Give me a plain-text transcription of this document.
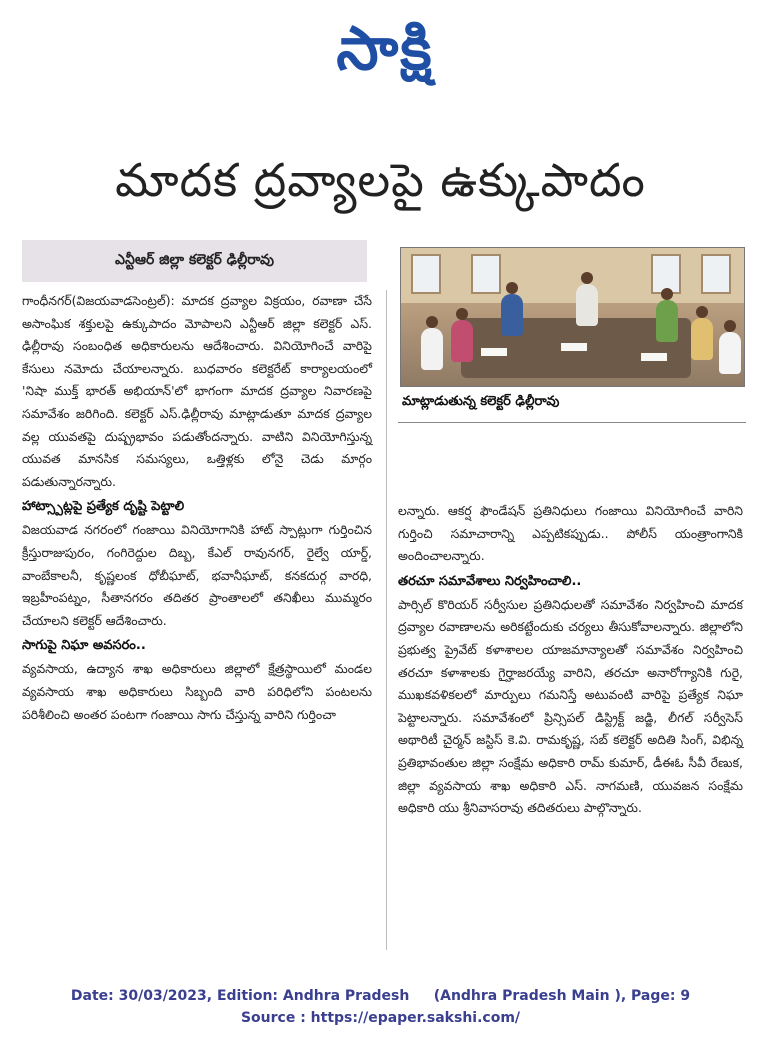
సాక్షి
మాదక ద్రవ్యాలపై ఉక్కుపాదం
ఎన్టీఆర్ జిల్లా కలెక్టర్ ఢిల్లీరావు
మాట్లాడుతున్న కలెక్టర్ ఢిల్లీరావు

గాంధీనగర్(విజయవాడసెంట్రల్): మాదక ద్రవ్యాల విక్రయం, రవాణా చేసే అసాంఘిక శక్తులపై ఉక్కుపాదం మోపాలని ఎన్టీఆర్ జిల్లా కలెక్టర్ ఎస్. ఢిల్లీరావు సంబంధిత అధికారులను ఆదేశించారు. వినియోగించే వారిపై కేసులు నమోదు చేయాలన్నారు. బుధవారం కలెక్టరేట్ కార్యాలయంలో 'నిషా ముక్త్ భారత్ అభియాన్'లో భాగంగా మాదక ద్రవ్యాల నివారణపై సమావేశం జరిగింది. కలెక్టర్ ఎస్.ఢిల్లీరావు మాట్లాడుతూ మాదక ద్రవ్యాల వల్ల యువతపై దుష్ప్రభావం పడుతోందన్నారు. వాటిని వినియోగిస్తున్న యువత మానసిక సమస్యలు, ఒత్తిళ్లకు లోనై చెడు మార్గం పడుతున్నారన్నారు.

హాట్స్పాట్లపై ప్రత్యేక దృష్టి పెట్టాలి

విజయవాడ నగరంలో గంజాయి వినియోగానికి హాట్ స్పాట్లుగా గుర్తించిన క్రీస్తురాజుపురం, గంగిరెద్దుల దిబ్బ, కేఎల్ రావునగర్, రైల్వే యార్డ్, వాంబేకాలనీ, కృష్ణలంక ధోబీఘాట్, భవానీఘాట్, కనకదుర్గ వారధి, ఇబ్రహీంపట్నం, సీతానగరం తదితర ప్రాంతాలలో తనిఖీలు ముమ్మరం చేయాలని కలెక్టర్ ఆదేశించారు.

సాగుపై నిఘా అవసరం..

వ్యవసాయ, ఉద్యాన శాఖ అధికారులు జిల్లాలో క్షేత్రస్థాయిలో మండల వ్యవసాయ శాఖ అధికారులు సిబ్బంది వారి పరిధిలోని పంటలను పరిశీలించి అంతర పంటగా గంజాయి సాగు చేస్తున్న వారిని గుర్తించా

లన్నారు. ఆకర్ష ఫౌండేషన్ ప్రతినిధులు గంజాయి వినియోగించే వారిని గుర్తించి సమాచారాన్ని ఎప్పటికప్పుడు.. పోలీస్ యంత్రాంగానికి అందించాలన్నారు.

తరచూ సమావేశాలు నిర్వహించాలి..

పార్సిల్ కొరియర్ సర్వీసుల ప్రతినిధులతో సమావేశం నిర్వహించి మాదక ద్రవ్యాల రవాణాలను అరికట్టేందుకు చర్యలు తీసుకోవాలన్నారు. జిల్లాలోని ప్రభుత్వ ప్రైవేట్ కళాశాలల యాజమాన్యాలతో సమావేశం నిర్వహించి తరచూ కళాశాలకు గైర్హాజరయ్యే వారిని, తరచూ అనారోగ్యానికి గురై, ముఖకవళికలలో మార్పులు గమనిస్తే అటువంటి వారిపై ప్రత్యేక నిఘా పెట్టాలన్నారు. సమావేశంలో ప్రిన్సిపల్ డిస్ట్రిక్ట్ జడ్జి, లీగల్ సర్వీసెస్ అథారిటీ చైర్మన్ జస్టిస్ కె.వి. రామకృష్ణ, సబ్ కలెక్టర్ అదితి సింగ్, విభిన్న ప్రతిభావంతుల జిల్లా సంక్షేమ అధికారి రామ్ కుమార్, డీఈఓ సీవీ రేణుక, జిల్లా వ్యవసాయ శాఖ అధికారి ఎస్. నాగమణి, యువజన సంక్షేమ అధికారి యు శ్రీనివాసరావు తదితరులు పాల్గొన్నారు.

Date: 30/03/2023, Edition: Andhra Pradesh     (Andhra Pradesh Main ), Page: 9
Source : https://epaper.sakshi.com/
